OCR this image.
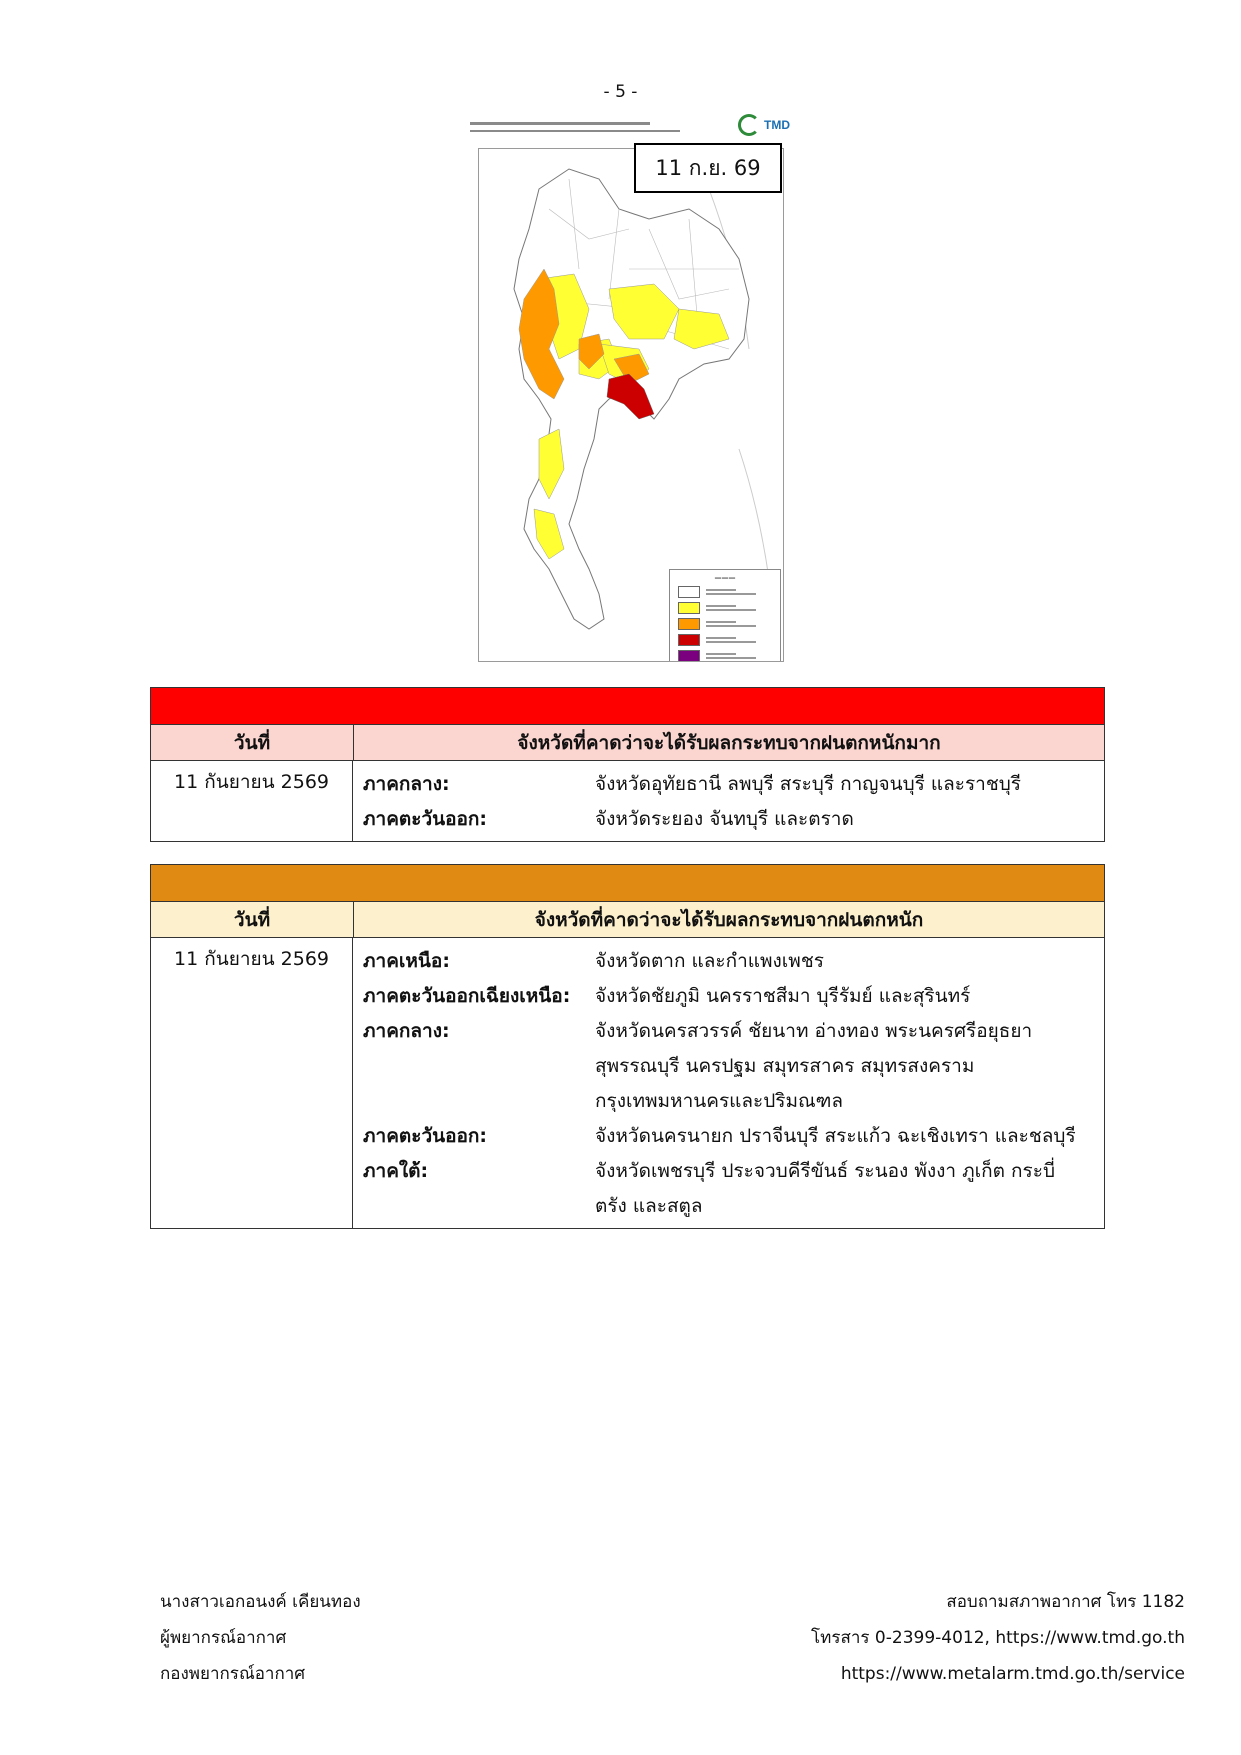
- 5 -
TMD
———
11 ก.ย. 69
วันที่	จังหวัดที่คาดว่าจะได้รับผลกระทบจากฝนตกหนักมาก
11 กันยายน 2569	ภาคกลาง:	จังหวัดอุทัยธานี ลพบุรี สระบุรี กาญจนบุรี และราชบุรี
ภาคตะวันออก:	จังหวัดระยอง จันทบุรี และตราด
วันที่	จังหวัดที่คาดว่าจะได้รับผลกระทบจากฝนตกหนัก
11 กันยายน 2569	ภาคเหนือ:	จังหวัดตาก และกำแพงเพชร
ภาคตะวันออกเฉียงเหนือ:	จังหวัดชัยภูมิ นครราชสีมา บุรีรัมย์ และสุรินทร์
ภาคกลาง:	จังหวัดนครสวรรค์ ชัยนาท อ่างทอง พระนครศรีอยุธยา
สุพรรณบุรี นครปฐม สมุทรสาคร สมุทรสงคราม
กรุงเทพมหานครและปริมณฑล
ภาคตะวันออก:	จังหวัดนครนายก ปราจีนบุรี สระแก้ว ฉะเชิงเทรา และชลบุรี
ภาคใต้:	จังหวัดเพชรบุรี ประจวบคีรีขันธ์ ระนอง พังงา ภูเก็ต กระบี่
ตรัง และสตูล
นางสาวเอกอนงค์ เคียนทอง
ผู้พยากรณ์อากาศ
กองพยากรณ์อากาศ
สอบถามสภาพอากาศ โทร 1182
โทรสาร 0-2399-4012, https://www.tmd.go.th
https://www.metalarm.tmd.go.th/service
